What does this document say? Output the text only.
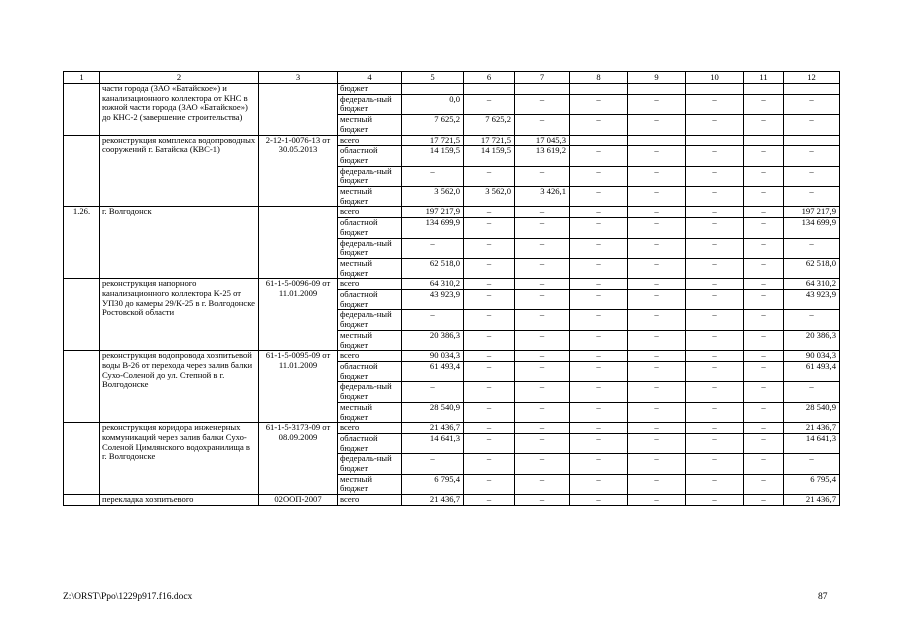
1	2	3	4	5	6	7	8	9	10	11	12
	части города (ЗАО «Батайское») и канализационного коллектора от КНС в южной части города (ЗАО «Батайское») до КНС-2 (завершение строительства)		бюджет								
			федераль-ный бюджет	0,0	–	–	–	–	–	–	–
			местный бюджет	7 625,2	7 625,2	–	–	–	–	–	–
	реконструкция комплекса водопроводных сооружений г. Батайска (КВС-1)	2-12-1-0076-13 от 30.05.2013	всего	17 721,5	17 721,5	17 045,3					
			областной бюджет	14 159,5	14 159,5	13 619,2	–	–	–	–	–
			федераль-ный бюджет	–	–	–	–	–	–	–	–
			местный бюджет	3 562,0	3 562,0	3 426,1	–	–	–	–	–
1.26.	г. Волгодонск		всего	197 217,9	–	–	–	–	–	–	197 217,9
			областной бюджет	134 699,9	–	–	–	–	–	–	134 699,9
			федераль-ный бюджет	–	–	–	–	–	–	–	–
			местный бюджет	62 518,0	–	–	–	–	–	–	62 518,0
	реконструкция напорного канализационного коллектора К-25 от УП30 до камеры 29/К-25 в г. Волгодонске Ростовской области	61-1-5-0096-09 от 11.01.2009	всего	64 310,2	–	–	–	–	–	–	64 310,2
			областной бюджет	43 923,9	–	–	–	–	–	–	43 923,9
			федераль-ный бюджет	–	–	–	–	–	–	–	–
			местный бюджет	20 386,3	–	–	–	–	–	–	20 386,3
	реконструкция водопровода хозпитьевой воды В-26 от перехода через залив балки Сухо-Соленой до ул. Степной в г. Волгодонске	61-1-5-0095-09 от 11.01.2009	всего	90 034,3	–	–	–	–	–	–	90 034,3
			областной бюджет	61 493,4	–	–	–	–	–	–	61 493,4
			федераль-ный бюджет	–	–	–	–	–	–	–	–
			местный бюджет	28 540,9	–	–	–	–	–	–	28 540,9
	реконструкция коридора инженерных коммуникаций через залив балки Сухо-Соленой Цимлянского водохранилища в г. Волгодонске	61-1-5-3173-09 от 08.09.2009	всего	21 436,7	–	–	–	–	–	–	21 436,7
			областной бюджет	14 641,3	–	–	–	–	–	–	14 641,3
			федераль-ный бюджет	–	–	–	–	–	–	–	–
			местный бюджет	6 795,4	–	–	–	–	–	–	6 795,4
	перекладка хозпитьевого	02ООП-2007	всего	21 436,7	–	–	–	–	–	–	21 436,7
Z:\ORST\Ppo\1229p917.f16.docx	87
